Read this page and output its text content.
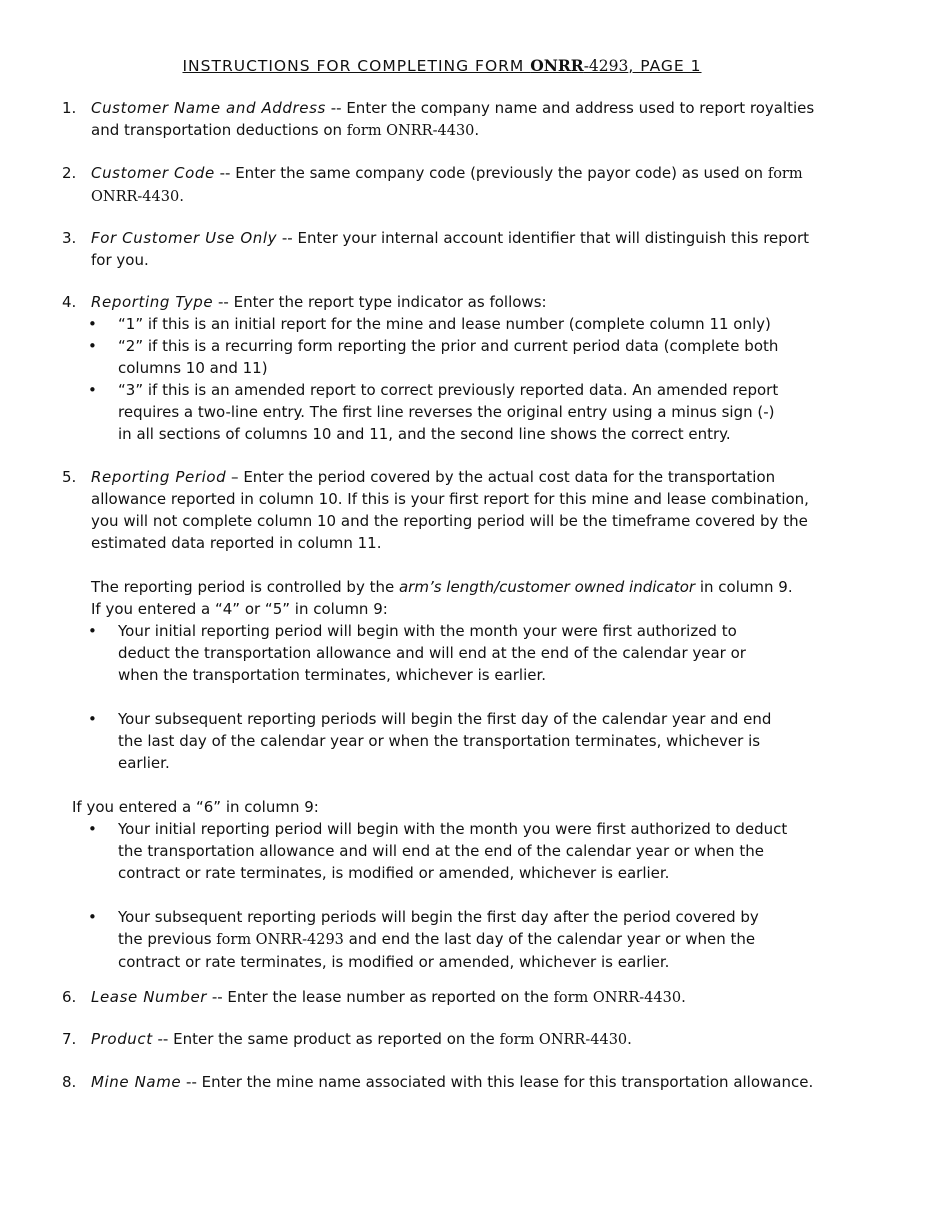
INSTRUCTIONS FOR COMPLETING FORM ONRR-4293, PAGE 1
1. Customer Name and Address -- Enter the company name and address used to report royalties and transportation deductions on form ONRR-4430.
2. Customer Code -- Enter the same company code (previously the payor code) as used on form ONRR-4430.
3. For Customer Use Only -- Enter your internal account identifier that will distinguish this report for you.
4. Reporting Type -- Enter the report type indicator as follows:
• “1” if this is an initial report for the mine and lease number (complete column 11 only)
• “2” if this is a recurring form reporting the prior and current period data (complete both columns 10 and 11)
• “3” if this is an amended report to correct previously reported data. An amended report requires a two-line entry. The first line reverses the original entry using a minus sign (-) in all sections of columns 10 and 11, and the second line shows the correct entry.
5. Reporting Period – Enter the period covered by the actual cost data for the transportation allowance reported in column 10. If this is your first report for this mine and lease combination, you will not complete column 10 and the reporting period will be the timeframe covered by the estimated data reported in column 11.
The reporting period is controlled by the arm’s length/customer owned indicator in column 9.
If you entered a “4” or “5” in column 9:
• Your initial reporting period will begin with the month your were first authorized to deduct the transportation allowance and will end at the end of the calendar year or when the transportation terminates, whichever is earlier.
• Your subsequent reporting periods will begin the first day of the calendar year and end the last day of the calendar year or when the transportation terminates, whichever is earlier.
If you entered a “6” in column 9:
• Your initial reporting period will begin with the month you were first authorized to deduct the transportation allowance and will end at the end of the calendar year or when the contract or rate terminates, is modified or amended, whichever is earlier.
• Your subsequent reporting periods will begin the first day after the period covered by the previous form ONRR-4293 and end the last day of the calendar year or when the contract or rate terminates, is modified or amended, whichever is earlier.
6. Lease Number -- Enter the lease number as reported on the form ONRR-4430.
7. Product -- Enter the same product as reported on the form ONRR-4430.
8. Mine Name -- Enter the mine name associated with this lease for this transportation allowance.
